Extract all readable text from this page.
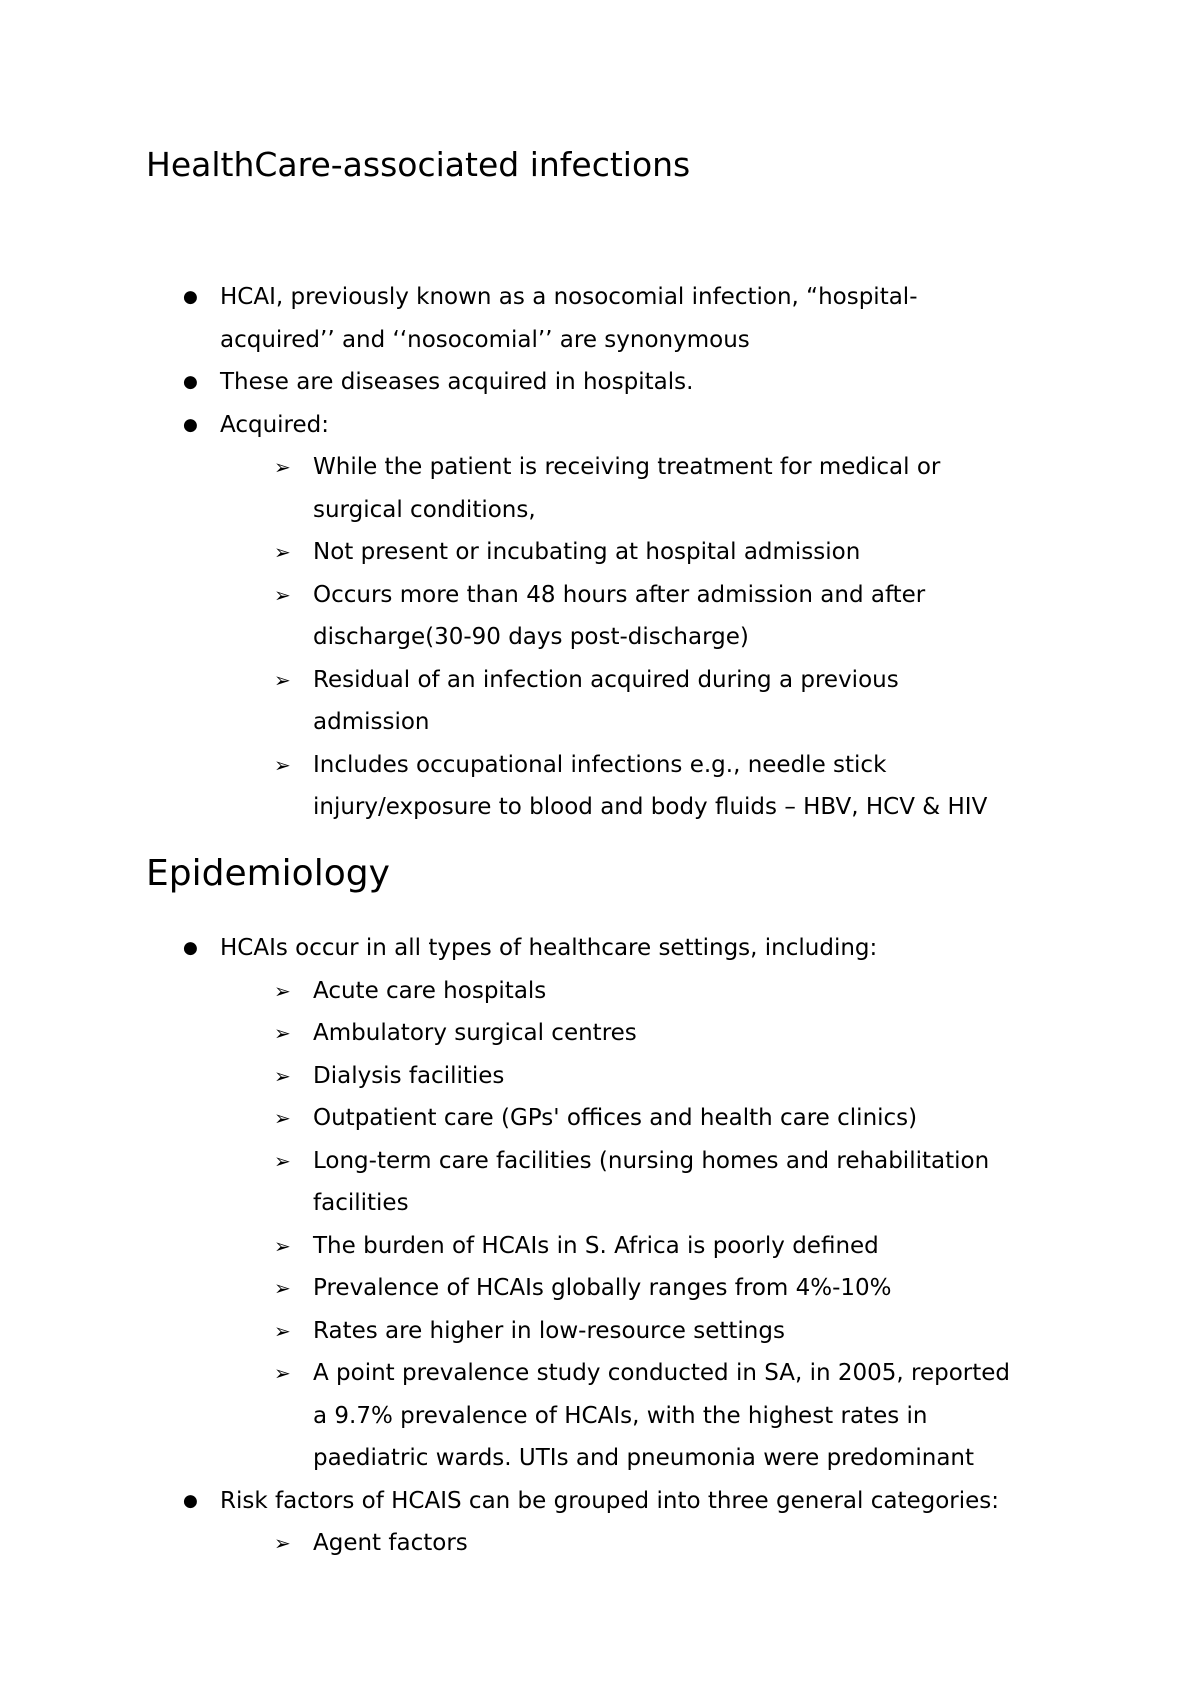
HealthCare-associated infections
● HCAI, previously known as a nosocomial infection, “hospital-
acquired’’ and ‘‘nosocomial’’ are synonymous
● These are diseases acquired in hospitals.
● Acquired:
➢ While the patient is receiving treatment for medical or
surgical conditions,
➢ Not present or incubating at hospital admission
➢ Occurs more than 48 hours after admission and after
discharge(30-90 days post-discharge)
➢ Residual of an infection acquired during a previous
admission
➢ Includes occupational infections e.g., needle stick
injury/exposure to blood and body fluids – HBV, HCV & HIV
Epidemiology
● HCAIs occur in all types of healthcare settings, including:
➢ Acute care hospitals
➢ Ambulatory surgical centres
➢ Dialysis facilities
➢ Outpatient care (GPs' offices and health care clinics)
➢ Long-term care facilities (nursing homes and rehabilitation
facilities
➢ The burden of HCAIs in S. Africa is poorly defined
➢ Prevalence of HCAIs globally ranges from 4%-10%
➢ Rates are higher in low-resource settings
➢ A point prevalence study conducted in SA, in 2005, reported
a 9.7% prevalence of HCAIs, with the highest rates in
paediatric wards. UTIs and pneumonia were predominant
● Risk factors of HCAIS can be grouped into three general categories:
➢ Agent factors
